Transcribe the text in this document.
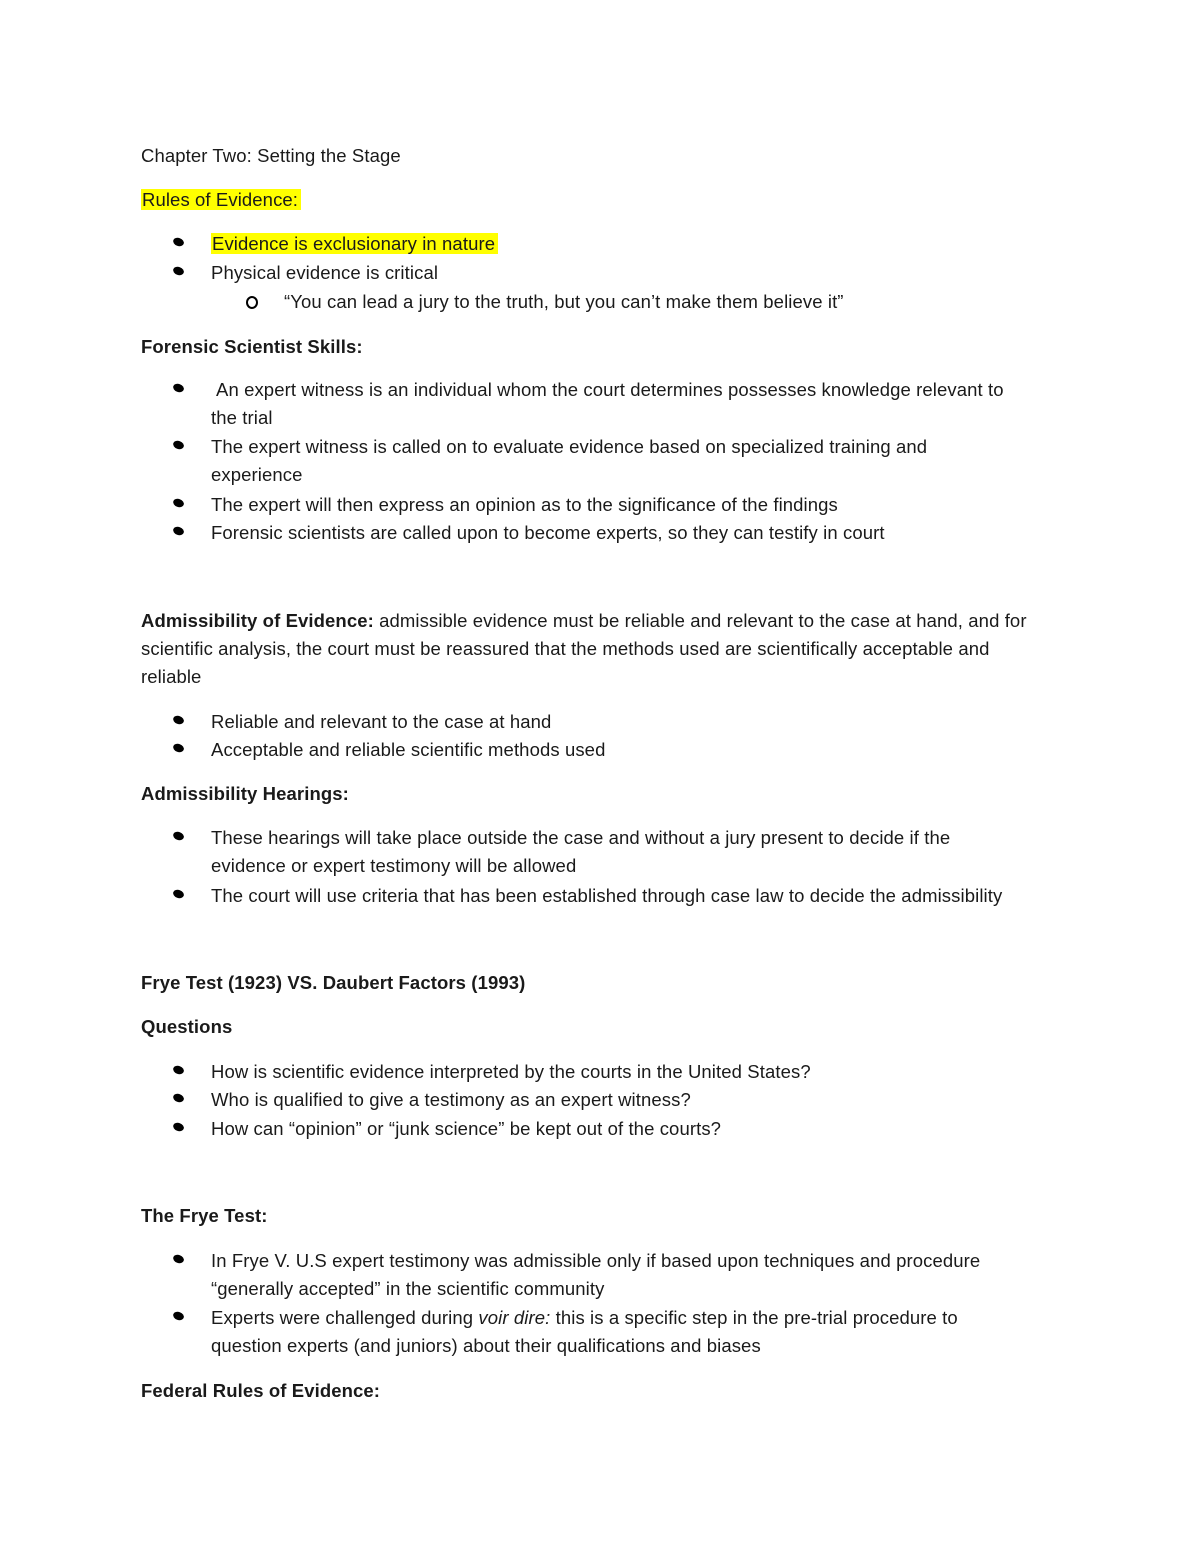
Chapter Two: Setting the Stage
Rules of Evidence:
Evidence is exclusionary in nature
Physical evidence is critical
“You can lead a jury to the truth, but you can’t make them believe it”
Forensic Scientist Skills:
An expert witness is an individual whom the court determines possesses knowledge relevant to
the trial
The expert witness is called on to evaluate evidence based on specialized training and
experience
The expert will then express an opinion as to the significance of the findings
Forensic scientists are called upon to become experts, so they can testify in court
Admissibility of Evidence: admissible evidence must be reliable and relevant to the case at hand, and for
scientific analysis, the court must be reassured that the methods used are scientifically acceptable and
reliable
Reliable and relevant to the case at hand
Acceptable and reliable scientific methods used
Admissibility Hearings:
These hearings will take place outside the case and without a jury present to decide if the
evidence or expert testimony will be allowed
The court will use criteria that has been established through case law to decide the admissibility
Frye Test (1923) VS. Daubert Factors (1993)
Questions
How is scientific evidence interpreted by the courts in the United States?
Who is qualified to give a testimony as an expert witness?
How can “opinion” or “junk science” be kept out of the courts?
The Frye Test:
In Frye V. U.S expert testimony was admissible only if based upon techniques and procedure
“generally accepted” in the scientific community
Experts were challenged during voir dire: this is a specific step in the pre-trial procedure to
question experts (and juniors) about their qualifications and biases
Federal Rules of Evidence:
